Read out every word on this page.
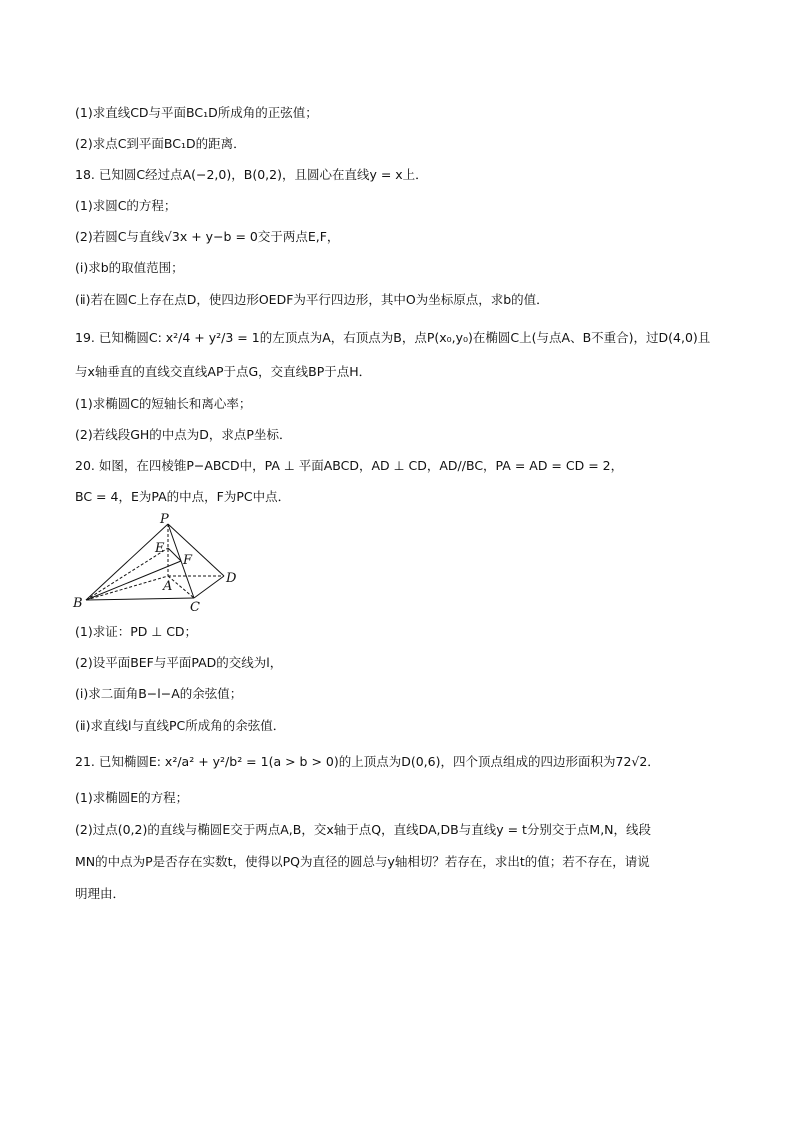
(1)求直线CD与平面BC₁D所成角的正弦值；
(2)求点C到平面BC₁D的距离．
18. 已知圆C经过点A(−2,0)，B(0,2)，且圆心在直线y = x上．
(1)求圆C的方程；
(2)若圆C与直线√3x + y−b = 0交于两点E,F，
(ⅰ)求b的取值范围；
(ⅱ)若在圆C上存在点D，使四边形OEDF为平行四边形，其中O为坐标原点，求b的值．
19. 已知椭圆C: x²/4 + y²/3 = 1的左顶点为A，右顶点为B，点P(x₀,y₀)在椭圆C上(与点A、B不重合)，过D(4,0)且
与x轴垂直的直线交直线AP于点G，交直线BP于点H．
(1)求椭圆C的短轴长和离心率；
(2)若线段GH的中点为D，求点P坐标．
20. 如图，在四棱锥P−ABCD中，PA ⊥ 平面ABCD，AD ⊥ CD，AD//BC，PA = AD = CD = 2，
BC = 4，E为PA的中点，F为PC中点．
P
E
F
A
D
B	C
(1)求证：PD ⊥ CD；
(2)设平面BEF与平面PAD的交线为l，
(ⅰ)求二面角B−l−A的余弦值；
(ⅱ)求直线l与直线PC所成角的余弦值．
21. 已知椭圆E: x²/a² + y²/b² = 1(a > b > 0)的上顶点为D(0,6)，四个顶点组成的四边形面积为72√2．
(1)求椭圆E的方程；
(2)过点(0,2)的直线与椭圆E交于两点A,B，交x轴于点Q，直线DA,DB与直线y = t分别交于点M,N，线段
MN的中点为P是否存在实数t，使得以PQ为直径的圆总与y轴相切？若存在，求出t的值；若不存在，请说
明理由．
